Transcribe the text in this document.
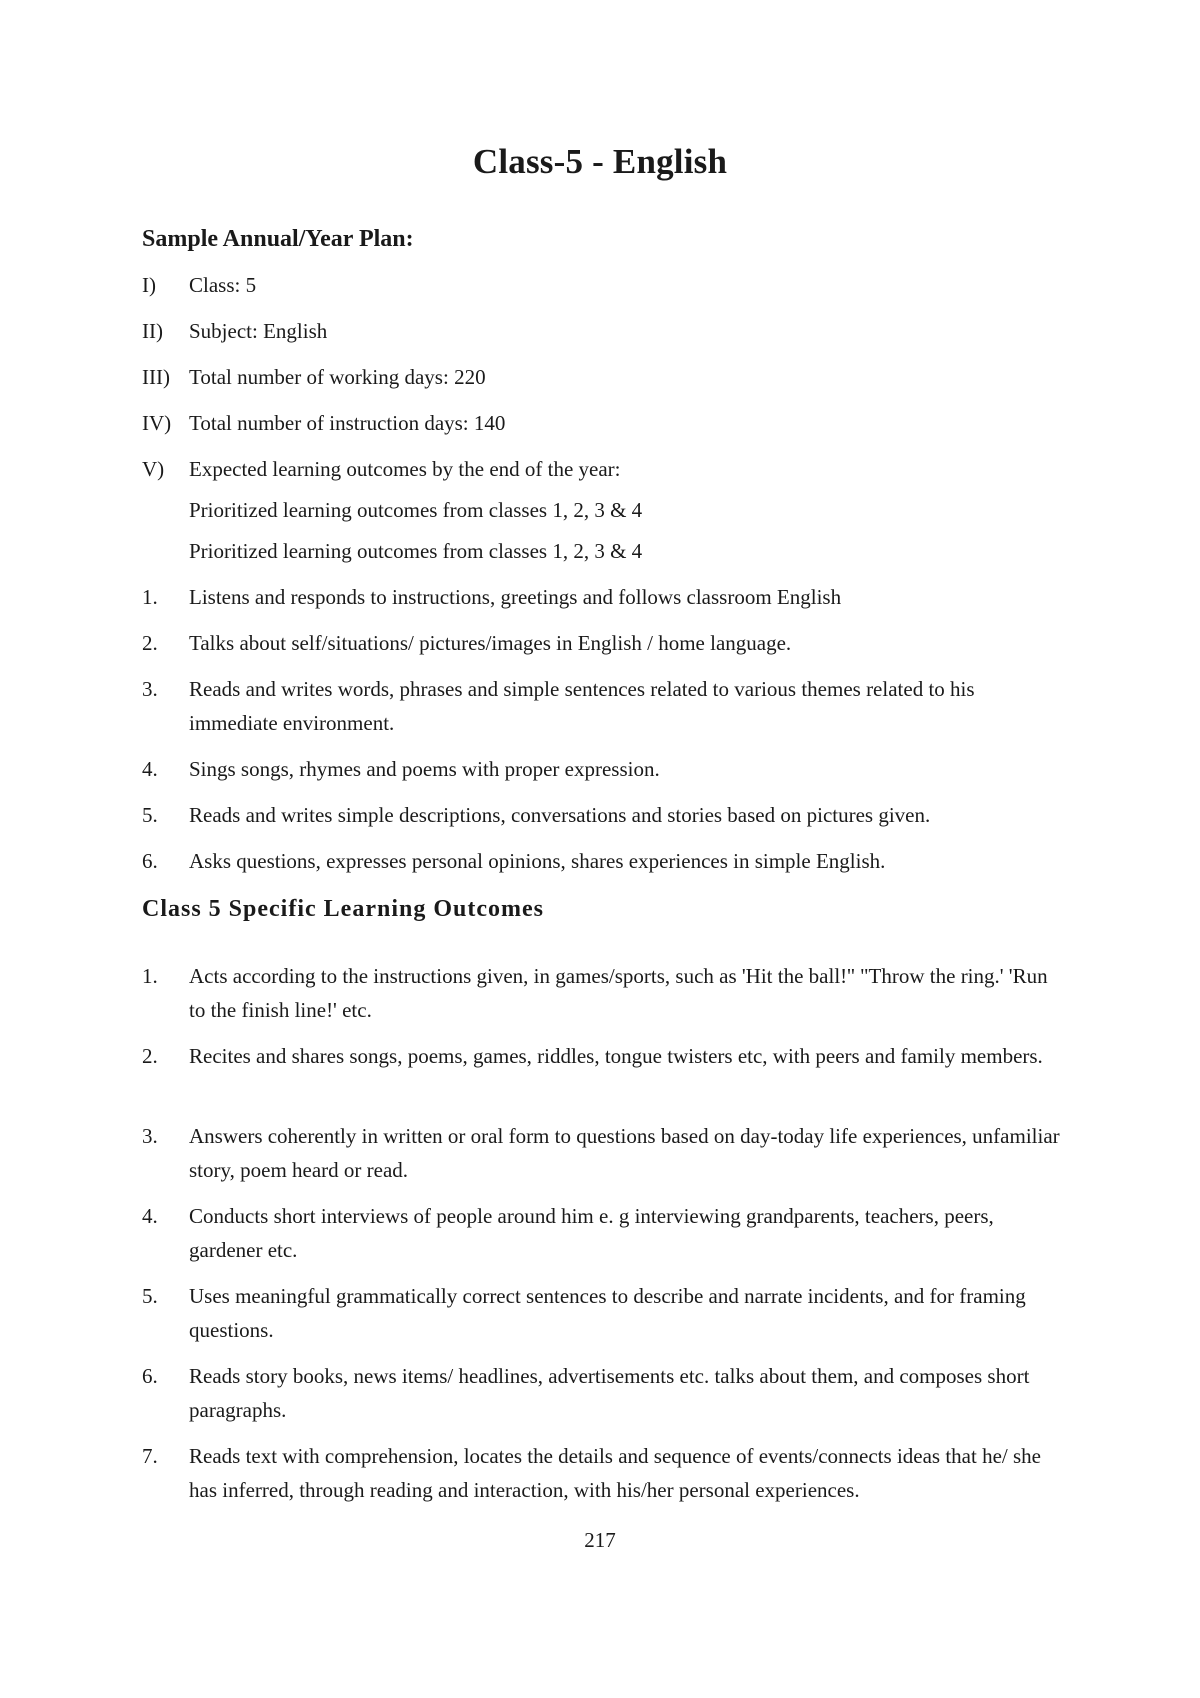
Class-5 - English
Sample Annual/Year Plan:
I) Class: 5
II) Subject: English
III) Total number of working days: 220
IV) Total number of instruction days: 140
V) Expected learning outcomes by the end of the year:
Prioritized learning outcomes from classes 1, 2, 3 & 4
Prioritized learning outcomes from classes 1, 2, 3 & 4
1. Listens and responds to instructions, greetings and follows classroom English
2. Talks about self/situations/ pictures/images in English / home language.
3. Reads and writes words, phrases and simple sentences related to various themes related to his immediate environment.
4. Sings songs, rhymes and poems with proper expression.
5. Reads and writes simple descriptions, conversations and stories based on pictures given.
6. Asks questions, expresses personal opinions, shares experiences in simple English.
Class 5 Specific Learning Outcomes
1. Acts according to the instructions given, in games/sports, such as 'Hit the ball!'' "Throw the ring.' 'Run to the finish line!' etc.
2. Recites and shares songs, poems, games, riddles, tongue twisters etc, with peers and family members.
3. Answers coherently in written or oral form to questions based on day-today life experiences, unfamiliar story, poem heard or read.
4. Conducts short interviews of people around him e. g interviewing grandparents, teachers, peers, gardener etc.
5. Uses meaningful grammatically correct sentences to describe and narrate incidents, and for framing questions.
6. Reads story books, news items/ headlines, advertisements etc. talks about them, and composes short paragraphs.
7. Reads text with comprehension, locates the details and sequence of events/connects ideas that he/ she has inferred, through reading and interaction, with his/her personal experiences.
217
